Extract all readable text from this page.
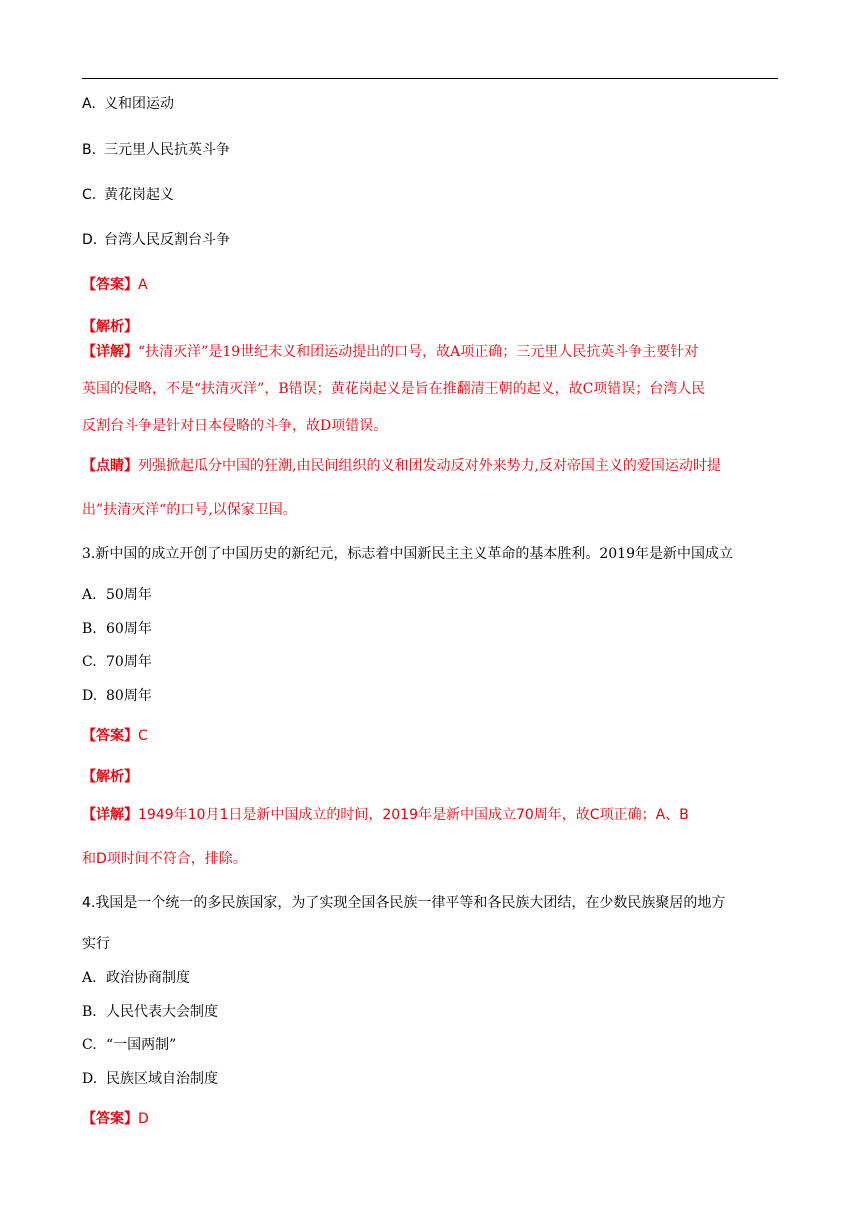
A. 义和团运动
B. 三元里人民抗英斗争
C. 黄花岗起义
D. 台湾人民反割台斗争
【答案】A
【解析】
【详解】“扶清灭洋”是19世纪末义和团运动提出的口号，故A项正确；三元里人民抗英斗争主要针对
英国的侵略，不是“扶清灭洋”，B错误；黄花岗起义是旨在推翻清王朝的起义，故C项错误；台湾人民
反割台斗争是针对日本侵略的斗争，故D项错误。
【点睛】列强掀起瓜分中国的狂潮,由民间组织的义和团发动反对外来势力,反对帝国主义的爱国运动时提
出”扶清灭洋“的口号,以保家卫国。
3.新中国的成立开创了中国历史的新纪元，标志着中国新民主主义革命的基本胜利。2019年是新中国成立
A. 50周年
B. 60周年
C. 70周年
D. 80周年
【答案】C
【解析】
【详解】1949年10月1日是新中国成立的时间，2019年是新中国成立70周年，故C项正确；A、B
和D项时间不符合，排除。
4.我国是一个统一的多民族国家，为了实现全国各民族一律平等和各民族大团结，在少数民族聚居的地方
实行
A. 政治协商制度
B. 人民代表大会制度
C. “一国两制”
D. 民族区域自治制度
【答案】D
